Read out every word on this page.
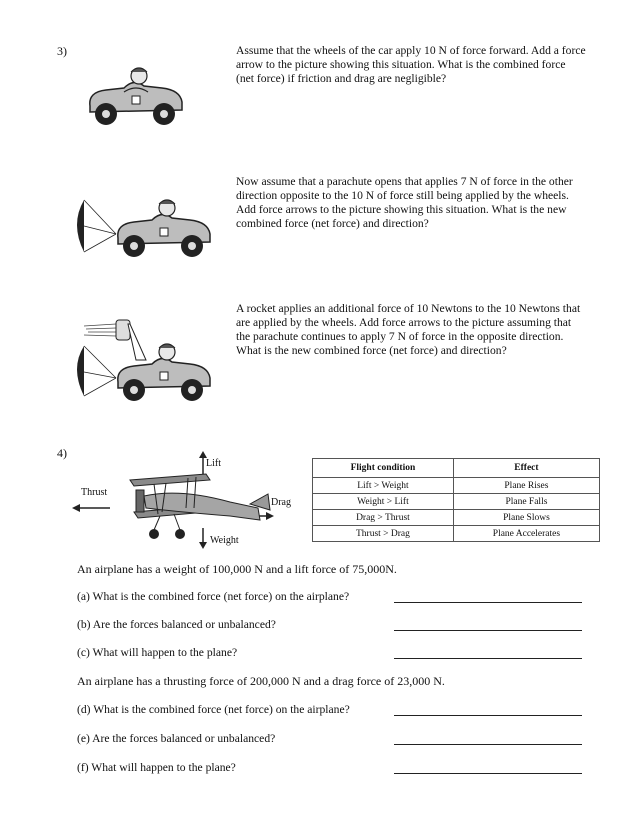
3)	Assume that the wheels of the car apply 10 N of force forward. Add a force arrow to the picture showing this situation. What is the combined force (net force) if friction and drag are negligible?
Now assume that a parachute opens that applies 7 N of force in the other direction opposite to the 10 N of force still being applied by the wheels. Add force arrows to the picture showing this situation. What is the new combined force (net force) and direction?
A rocket applies an additional force of 10 Newtons to the 10 Newtons that are applied by the wheels. Add force arrows to the picture assuming that the parachute continues to apply 7 N of force in the opposite direction. What is the new combined force (net force) and direction?
4)
Lift
Thrust
Drag
Weight
Flight condition	Effect
Lift > Weight	Plane Rises
Weight > Lift	Plane Falls
Drag > Thrust	Plane Slows
Thrust > Drag	Plane Accelerates
An airplane has a weight of 100,000 N and a lift force of 75,000N.
(a) What is the combined force (net force) on the airplane?
(b) Are the forces balanced or unbalanced?
(c) What will happen to the plane?
An airplane has a thrusting force of 200,000 N and a drag force of 23,000 N.
(d) What is the combined force (net force) on the airplane?
(e) Are the forces balanced or unbalanced?
(f) What will happen to the plane?
